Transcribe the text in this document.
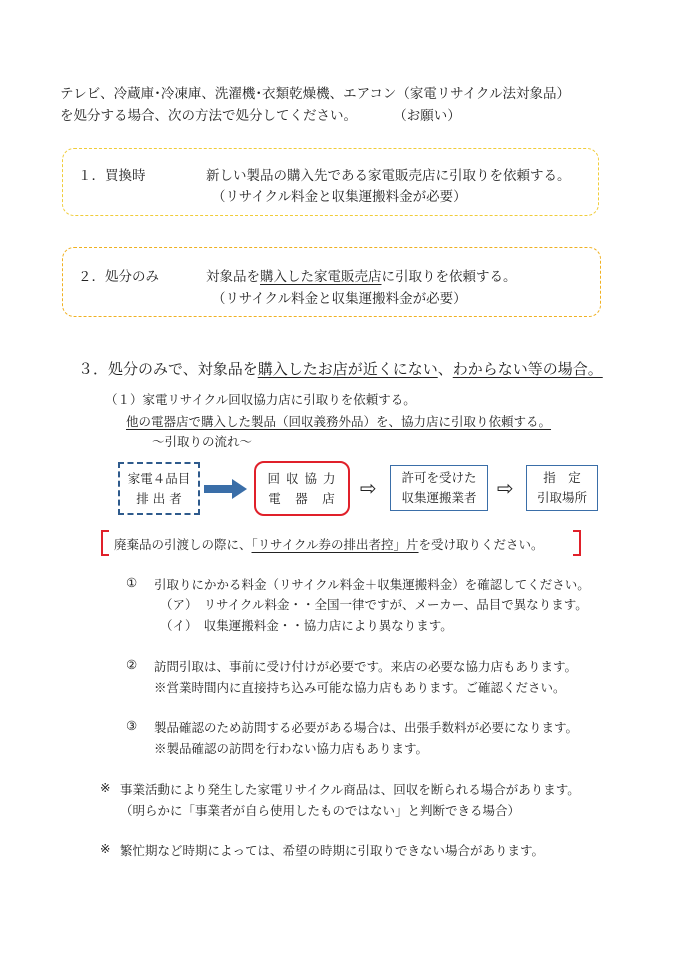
テレビ、冷蔵庫･冷凍庫、洗濯機･衣類乾燥機、エアコン（家電リサイクル法対象品）
を処分する場合、次の方法で処分してください。	（お願い）
１．買換時	新しい製品の購入先である家電販売店に引取りを依頼する。
（リサイクル料金と収集運搬料金が必要）
２．処分のみ	対象品を購入した家電販売店に引取りを依頼する。
（リサイクル料金と収集運搬料金が必要）
３．処分のみで、対象品を購入したお店が近くにない、わからない等の場合。
（１）家電リサイクル回収協力店に引取りを依頼する。
他の電器店で購入した製品（回収義務外品）を、協力店に引取り依頼する。
～引取りの流れ～
家電４品目
排 出 者
回 収 協 力
電　器　店	⇨	許可を受けた
収集運搬業者	⇨	指　定
引取場所
廃棄品の引渡しの際に、「リサイクル券の排出者控」片を受け取りください。
① 引取りにかかる料金（リサイクル料金＋収集運搬料金）を確認してください。
（ア）　リサイクル料金・・全国一律ですが、メーカー、品目で異なります。
（イ）　収集運搬料金・・協力店により異なります。
② 訪問引取は、事前に受け付けが必要です。来店の必要な協力店もあります。
※営業時間内に直接持ち込み可能な協力店もあります。ご確認ください。
③ 製品確認のため訪問する必要がある場合は、出張手数料が必要になります。
※製品確認の訪問を行わない協力店もあります。
※ 事業活動により発生した家電リサイクル商品は、回収を断られる場合があります。
（明らかに「事業者が自ら使用したものではない」と判断できる場合）
※ 繁忙期など時期によっては、希望の時期に引取りできない場合があります。
